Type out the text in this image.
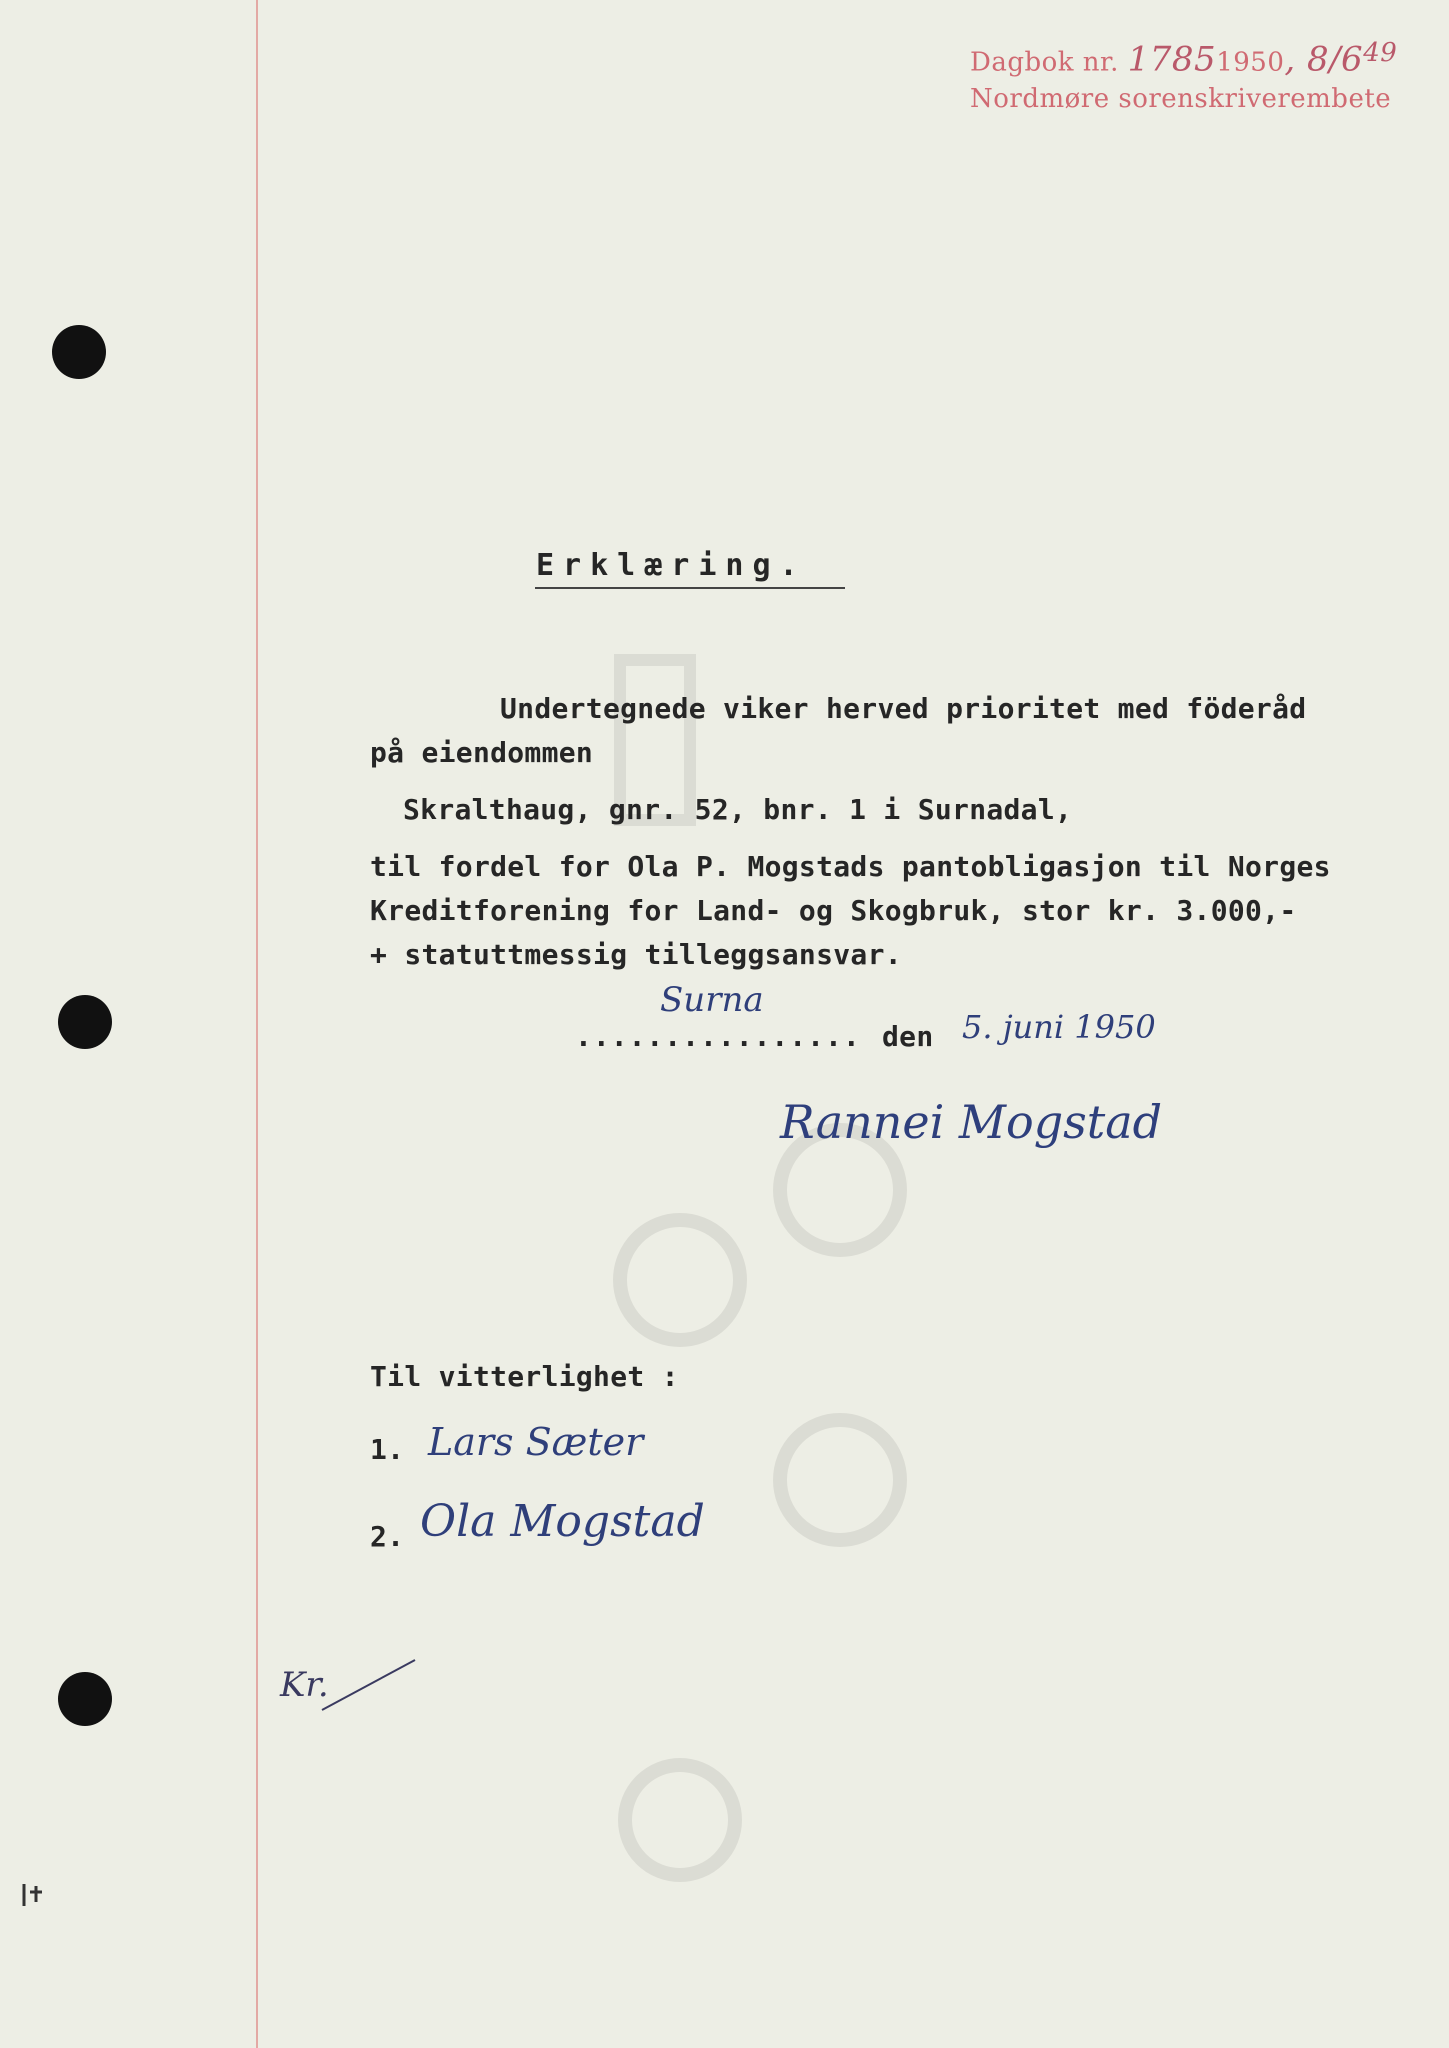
Dagbok nr. 17851950, $8/6^{49}$
Nordmøre sorenskriverembete
Erklæring.
Undertegnede viker herved prioritet med föderåd
på eiendommen
Skralthaug, gnr. 52, bnr. 1 i Surnadal,
til fordel for Ola P. Mogstads pantobligasjon til Norges
Kreditforening for Land- og Skogbruk, stor kr. 3.000,-
+ statuttmessig tilleggsansvar.
Surna
................ den 5. juni 1950
Rannei Mogstad
Til vitterlighet :
1. Lars Sæter
2. Ola Mogstad
Kr.
